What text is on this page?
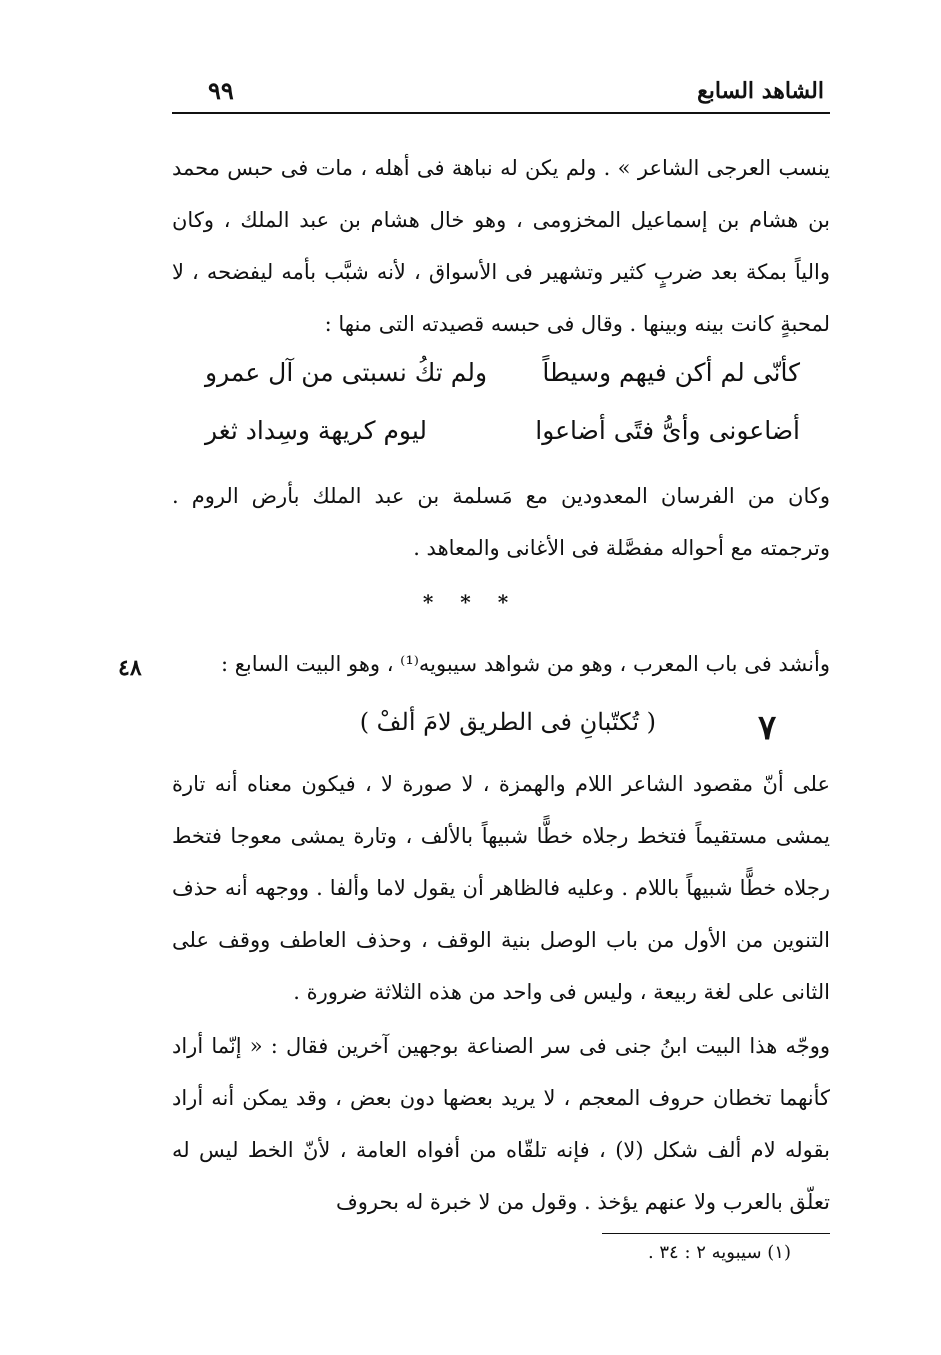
الشاهد السابع
٩٩

ينسب العرجى الشاعر » . ولم يكن له نباهة فى أهله ، مات فى حبس محمد بن هشام بن إسماعيل المخزومى ، وهو خال هشام بن عبد الملك ، وكان والياً بمكة بعد ضربٍ كثير وتشهير فى الأسواق ، لأنه شبَّب بأمه ليفضحه ، لا لمحبةٍ كانت بينه وبينها . وقال فى حبسه قصيدته التى منها :

كأنّى لم أكن فيهم وسيطاً
ولم تكُ نسبتى من آل عمرو
أضاعونى وأىُّ فتًى أضاعوا
ليوم كريهة وسِداد ثغر

وكان من الفرسان المعدودين مع مَسلمة بن عبد الملك بأرض الروم . وترجمته مع أحواله مفصَّلة فى الأغانى والمعاهد .

* * *
٤٨	وأنشد فى باب المعرب ، وهو من شواهد سيبويه⁽¹⁾ ، وهو البيت السابع :

٧
( تُكتّبانِ فى الطريق لامَ ألفْ )

على أنّ مقصود الشاعر اللام والهمزة ، لا صورة لا ، فيكون معناه أنه تارة يمشى مستقيماً فتخط رجلاه خطًّا شبيهاً بالألف ، وتارة يمشى معوجا فتخط رجلاه خطًّا شبيهاً باللام . وعليه فالظاهر أن يقول لاما وألفا . ووجهه أنه حذف التنوين من الأول من باب الوصل بنية الوقف ، وحذف العاطف ووقف على الثانى على لغة ربيعة ، وليس فى واحد من هذه الثلاثة ضرورة .

ووجّه هذا البيت ابنُ جنى فى سر الصناعة بوجهين آخرين فقال : « إنّما أراد كأنهما تخطان حروف المعجم ، لا يريد بعضها دون بعض ، وقد يمكن أنه أراد بقوله لام ألف شكل (لا) ، فإنه تلقّاه من أفواه العامة ، لأنّ الخط ليس له تعلّق بالعرب ولا عنهم يؤخذ . وقول من لا خبرة له بحروف

(١) سيبويه ٢ : ٣٤ .
